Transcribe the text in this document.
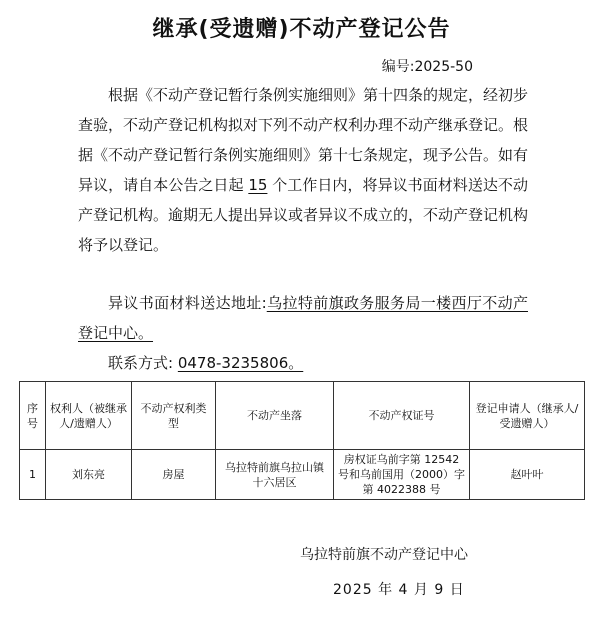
继承(受遗赠)不动产登记公告
编号:2025-50

根据《不动产登记暂行条例实施细则》第十四条的规定，经初步查验，不动产登记机构拟对下列不动产权利办理不动产继承登记。根据《不动产登记暂行条例实施细则》第十七条规定，现予公告。如有异议，请自本公告之日起 15 个工作日内，将异议书面材料送达不动产登记机构。逾期无人提出异议或者异议不成立的，不动产登记机构将予以登记。

异议书面材料送达地址:乌拉特前旗政务服务局一楼西厅不动产登记中心。

联系方式: 0478-3235806。

序号	权利人（被继承人/遗赠人）	不动产权利类型	不动产坐落	不动产权证号	登记申请人（继承人/受遗赠人）
1	刘东亮	房屋	乌拉特前旗乌拉山镇十六居区	房权证乌前字第 12542 号和乌前国用（2000）字第 4022388 号	赵叶叶
乌拉特前旗不动产登记中心
2025 年 4 月 9 日
